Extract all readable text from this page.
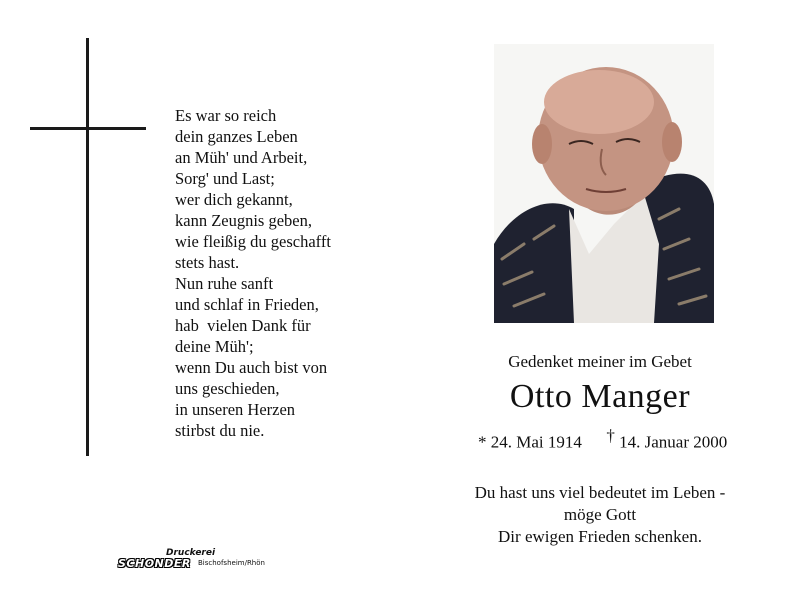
Es war so reich
dein ganzes Leben
an Müh' und Arbeit,
Sorg' und Last;
wer dich gekannt,
kann Zeugnis geben,
wie fleißig du geschafft
stets hast.
Nun ruhe sanft
und schlaf in Frieden,
hab  vielen Dank für
deine Müh';
wenn Du auch bist von
uns geschieden,
in unseren Herzen
stirbst du nie.
Gedenket meiner im Gebet
Otto Manger
* 24. Mai 1914 † 14. Januar 2000
Du hast uns viel bedeutet im Leben -
möge Gott
Dir ewigen Frieden schenken.
Druckerei
SCHONDER Bischofsheim/Rhön
